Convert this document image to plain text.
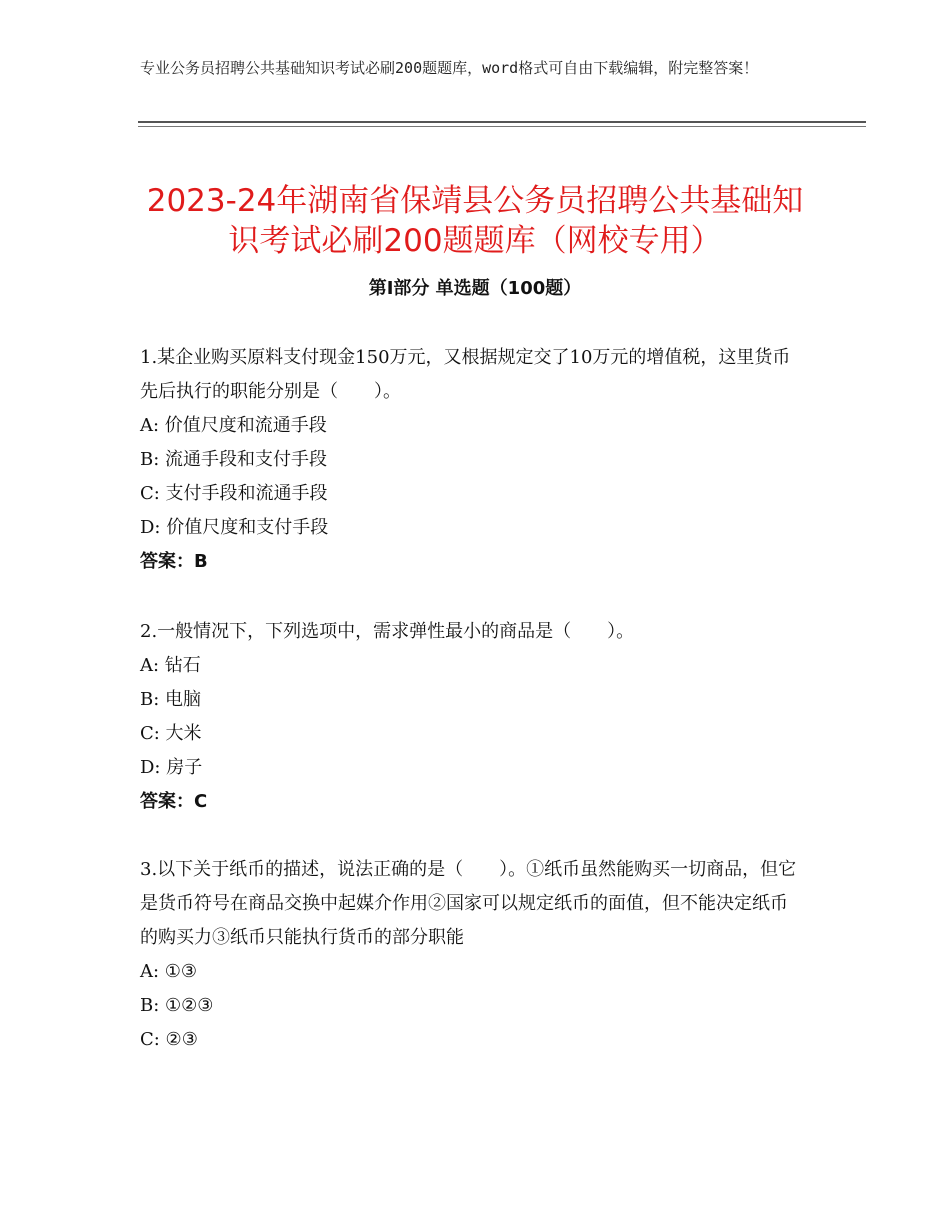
专业公务员招聘公共基础知识考试必刷200题题库，word格式可自由下载编辑，附完整答案！
2023-24年湖南省保靖县公务员招聘公共基础知识考试必刷200题题库（网校专用）
第Ⅰ部分 单选题（100题）

1.某企业购买原料支付现金150万元，又根据规定交了10万元的增值税，这里货币先后执行的职能分别是（　　）。

A: 价值尺度和流通手段

B: 流通手段和支付手段

C: 支付手段和流通手段

D: 价值尺度和支付手段

答案：B

2.一般情况下，下列选项中，需求弹性最小的商品是（　　）。

A: 钻石

B: 电脑

C: 大米

D: 房子

答案：C

3.以下关于纸币的描述，说法正确的是（　　）。①纸币虽然能购买一切商品，但它是货币符号在商品交换中起媒介作用②国家可以规定纸币的面值，但不能决定纸币的购买力③纸币只能执行货币的部分职能

A: ①③

B: ①②③

C: ②③
